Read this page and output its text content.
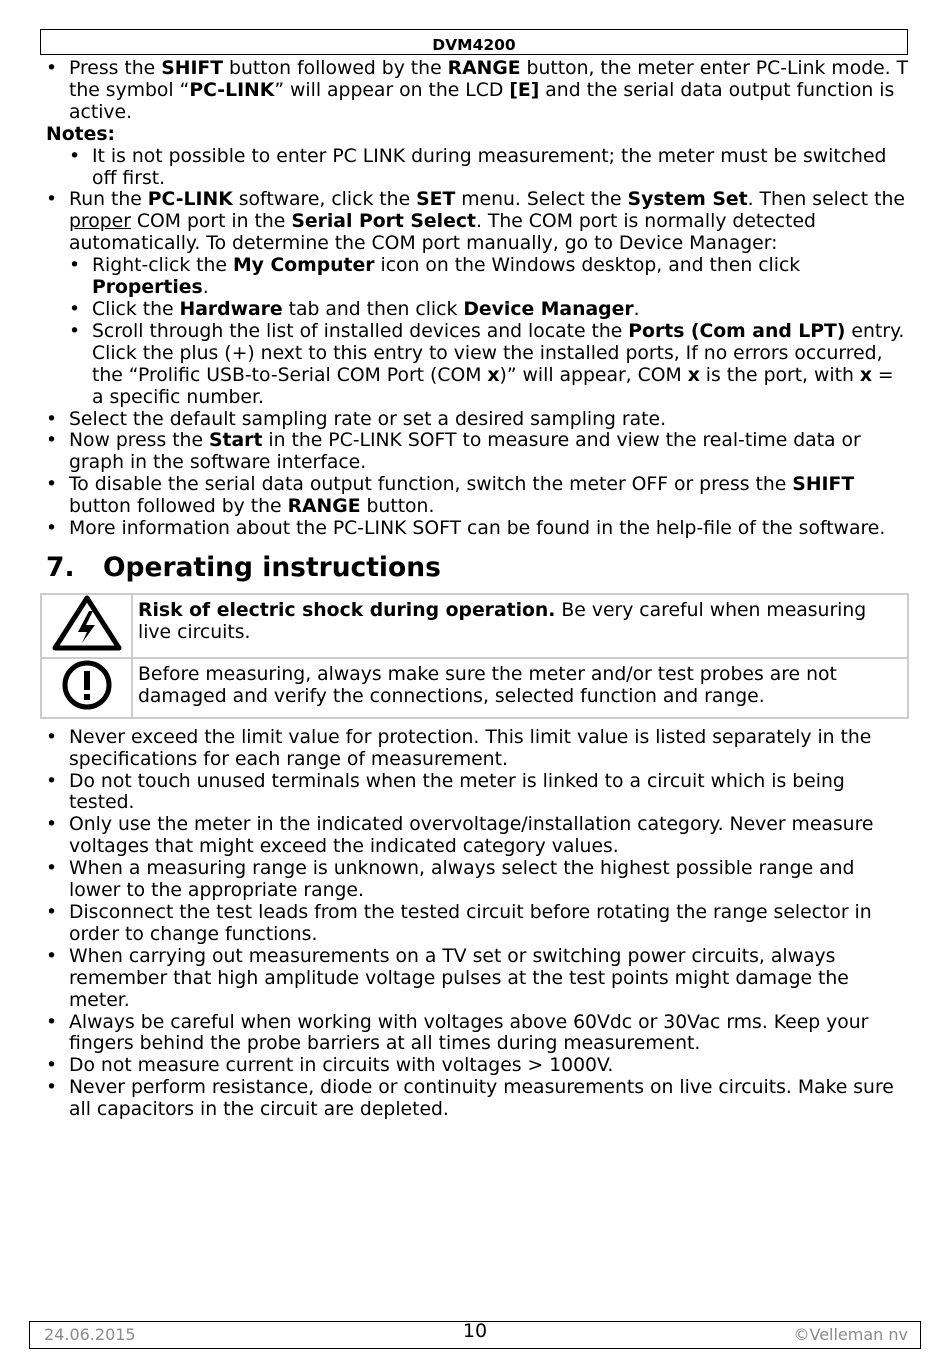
DVM4200
• Press the SHIFT button followed by the RANGE button, the meter enter PC-Link mode. T the symbol “PC-LINK” will appear on the LCD [E] and the serial data output function is active.
Notes:
• It is not possible to enter PC LINK during measurement; the meter must be switched off first.
• Run the PC-LINK software, click the SET menu. Select the System Set. Then select the proper COM port in the Serial Port Select. The COM port is normally detected automatically. To determine the COM port manually, go to Device Manager:
• Right-click the My Computer icon on the Windows desktop, and then click Properties.
• Click the Hardware tab and then click Device Manager.
• Scroll through the list of installed devices and locate the Ports (Com and LPT) entry. Click the plus (+) next to this entry to view the installed ports, If no errors occurred, the “Prolific USB-to-Serial COM Port (COM x)” will appear, COM x is the port, with x = a specific number.
• Select the default sampling rate or set a desired sampling rate.
• Now press the Start in the PC-LINK SOFT to measure and view the real-time data or graph in the software interface.
• To disable the serial data output function, switch the meter OFF or press the SHIFT button followed by the RANGE button.
• More information about the PC-LINK SOFT can be found in the help-file of the software.
7.	Operating instructions
	Risk of electric shock during operation. Be very careful when measuring live circuits.
	Before measuring, always make sure the meter and/or test probes are not damaged and verify the connections, selected function and range.
• Never exceed the limit value for protection. This limit value is listed separately in the specifications for each range of measurement.
• Do not touch unused terminals when the meter is linked to a circuit which is being tested.
• Only use the meter in the indicated overvoltage/installation category. Never measure voltages that might exceed the indicated category values.
• When a measuring range is unknown, always select the highest possible range and lower to the appropriate range.
• Disconnect the test leads from the tested circuit before rotating the range selector in order to change functions.
• When carrying out measurements on a TV set or switching power circuits, always remember that high amplitude voltage pulses at the test points might damage the meter.
• Always be careful when working with voltages above 60Vdc or 30Vac rms. Keep your fingers behind the probe barriers at all times during measurement.
• Do not measure current in circuits with voltages > 1000V.
• Never perform resistance, diode or continuity measurements on live circuits. Make sure all capacitors in the circuit are depleted.
24.06.2015	10	©Velleman nv
